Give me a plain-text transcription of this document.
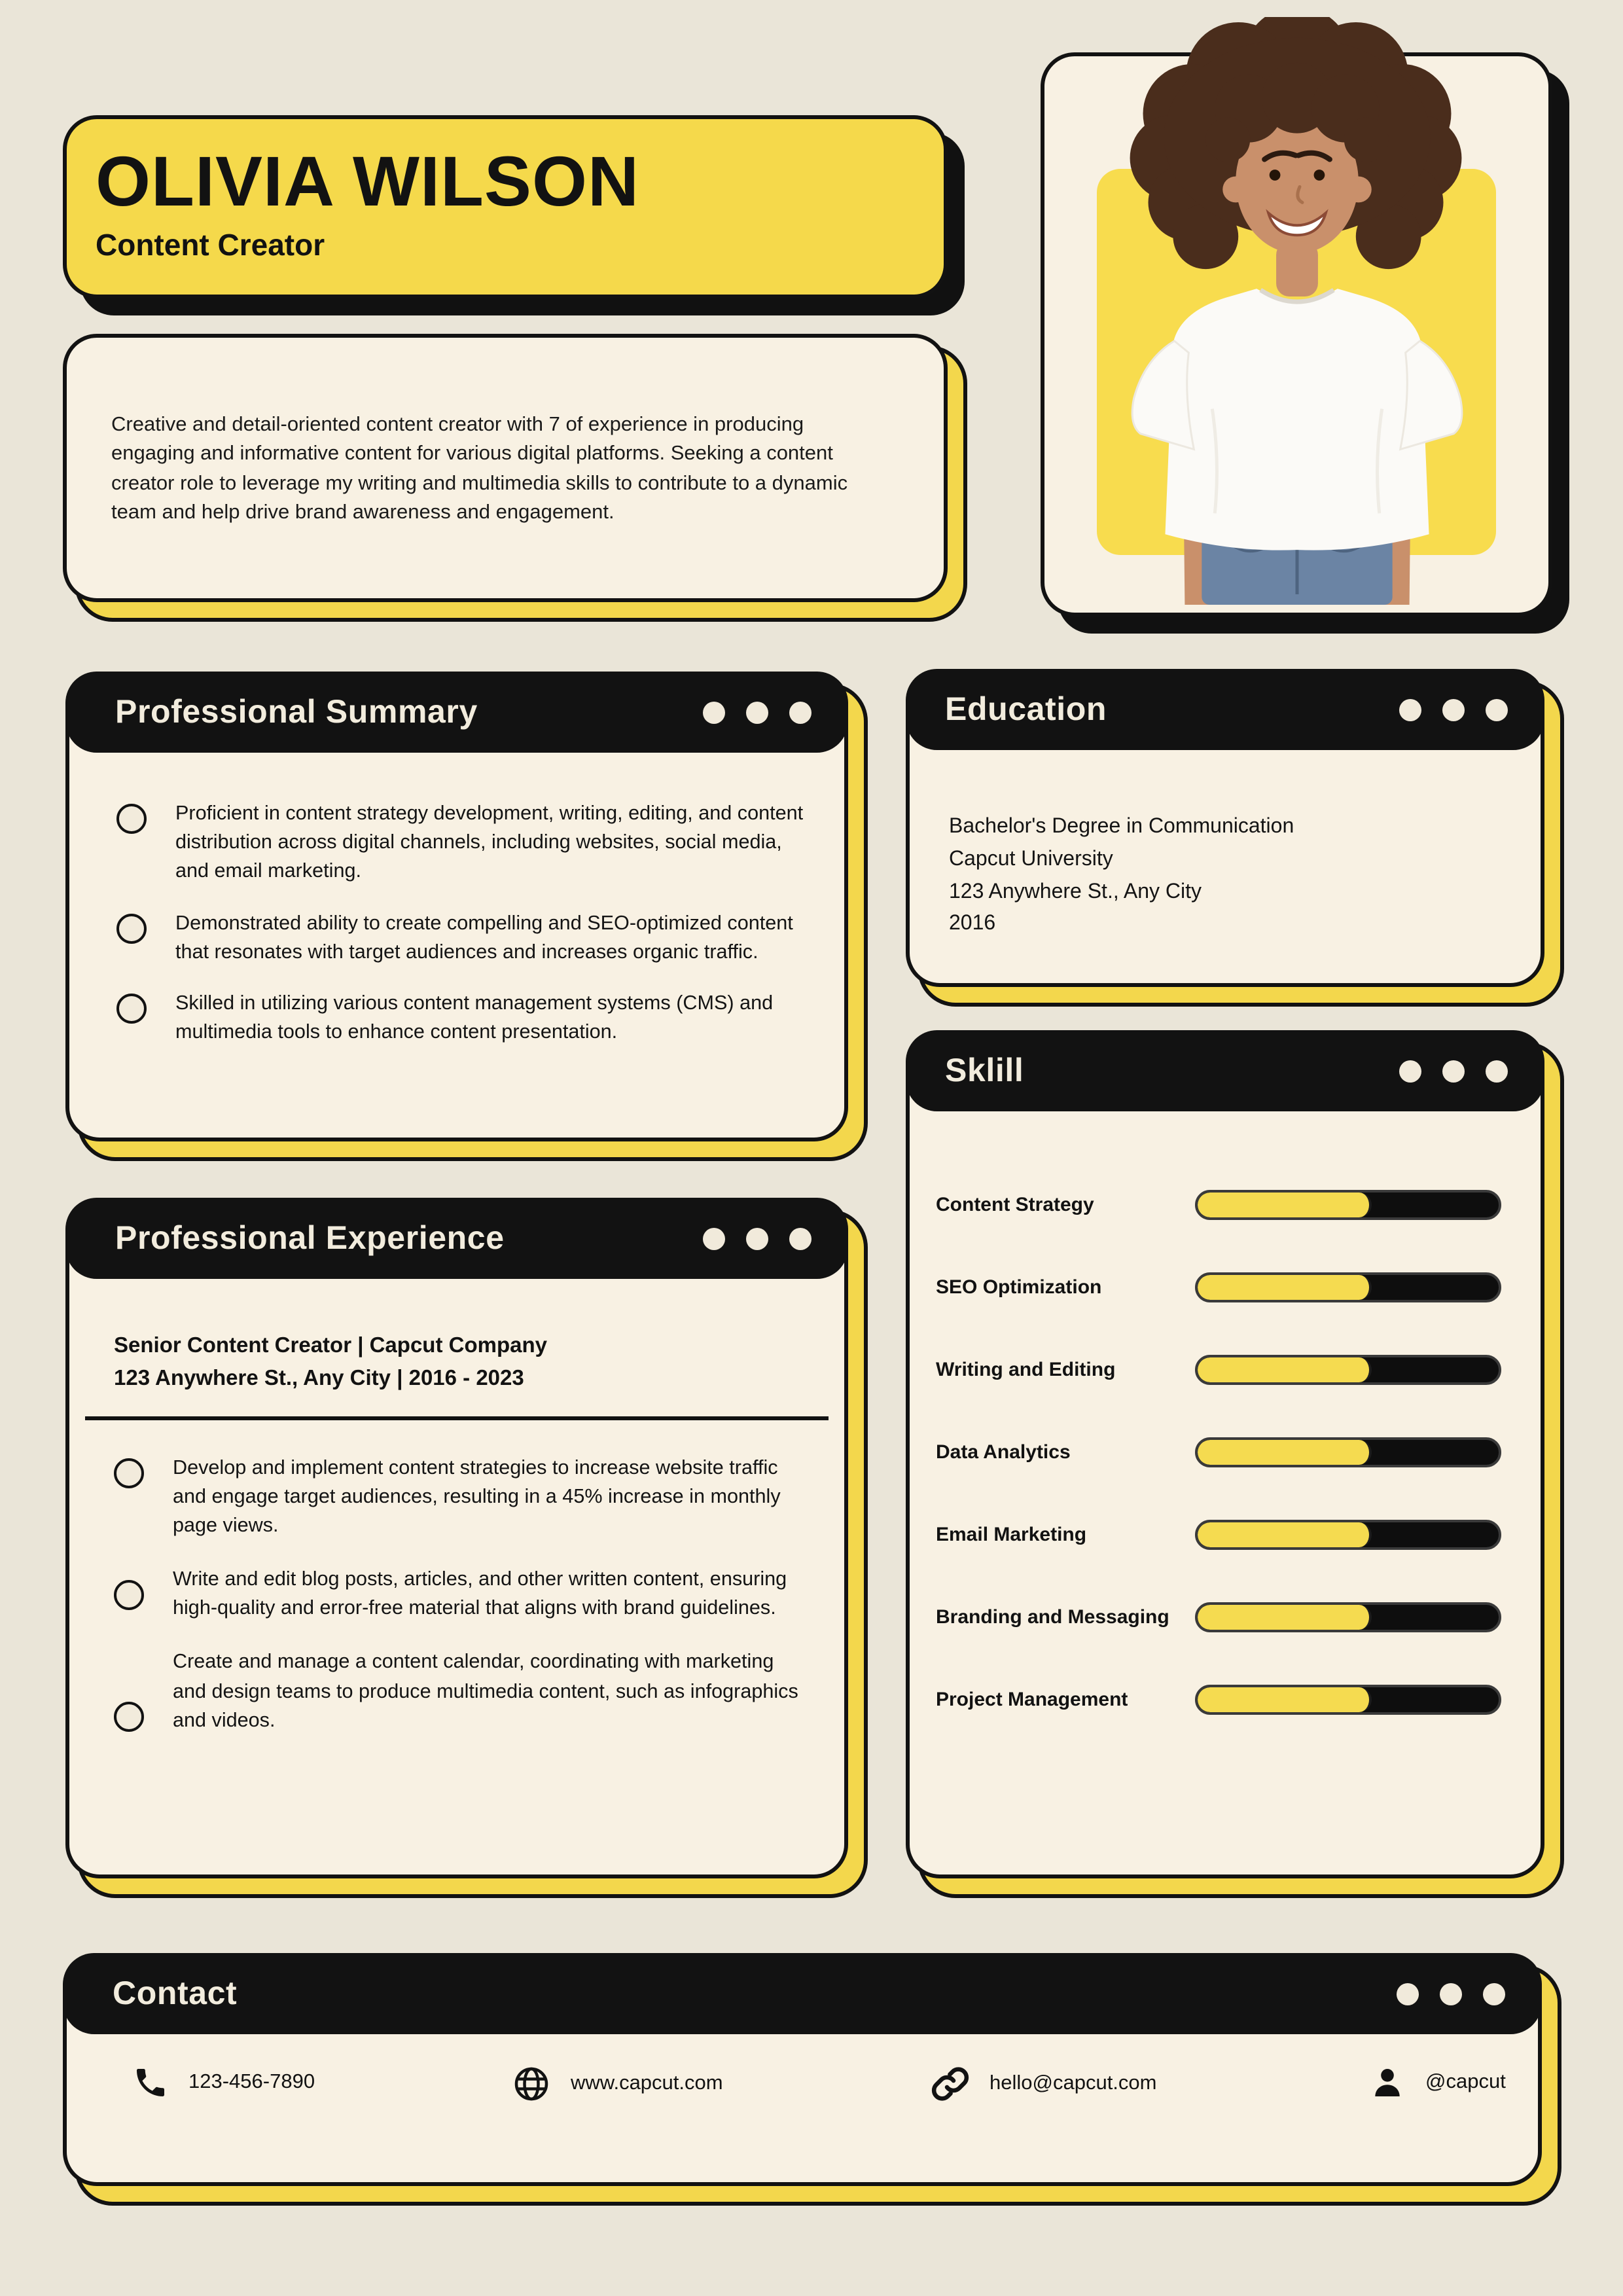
OLIVIA WILSON
Content Creator

Creative and detail-oriented content creator with 7 of experience in producing engaging and informative content for various digital platforms. Seeking a content creator role to leverage my writing and multimedia skills to contribute to a dynamic team and help drive brand awareness and engagement.

Professional Summary

Proficient in content strategy development, writing, editing, and content distribution across digital channels, including websites, social media, and email marketing.

Demonstrated ability to create compelling and SEO-optimized content that resonates with target audiences and increases organic traffic.

Skilled in utilizing various content management systems (CMS) and multimedia tools to enhance content presentation.

Education
Bachelor's Degree in Communication
Capcut University
123 Anywhere St., Any City
2016
Sklill
Content Strategy
SEO Optimization
Writing and Editing
Data Analytics
Email Marketing
Branding and Messaging
Project Management
Professional Experience
Senior Content Creator | Capcut Company
123 Anywhere St., Any City | 2016 - 2023

Develop and implement content strategies to increase website traffic and engage target audiences, resulting in a 45% increase in monthly page views.

Write and edit blog posts, articles, and other written content, ensuring high-quality and error-free material that aligns with brand guidelines.

Create and manage a content calendar, coordinating with marketing and design teams to produce multimedia content, such as infographics and videos.

Contact
123-456-7890	www.capcut.com	hello@capcut.com	@capcut
